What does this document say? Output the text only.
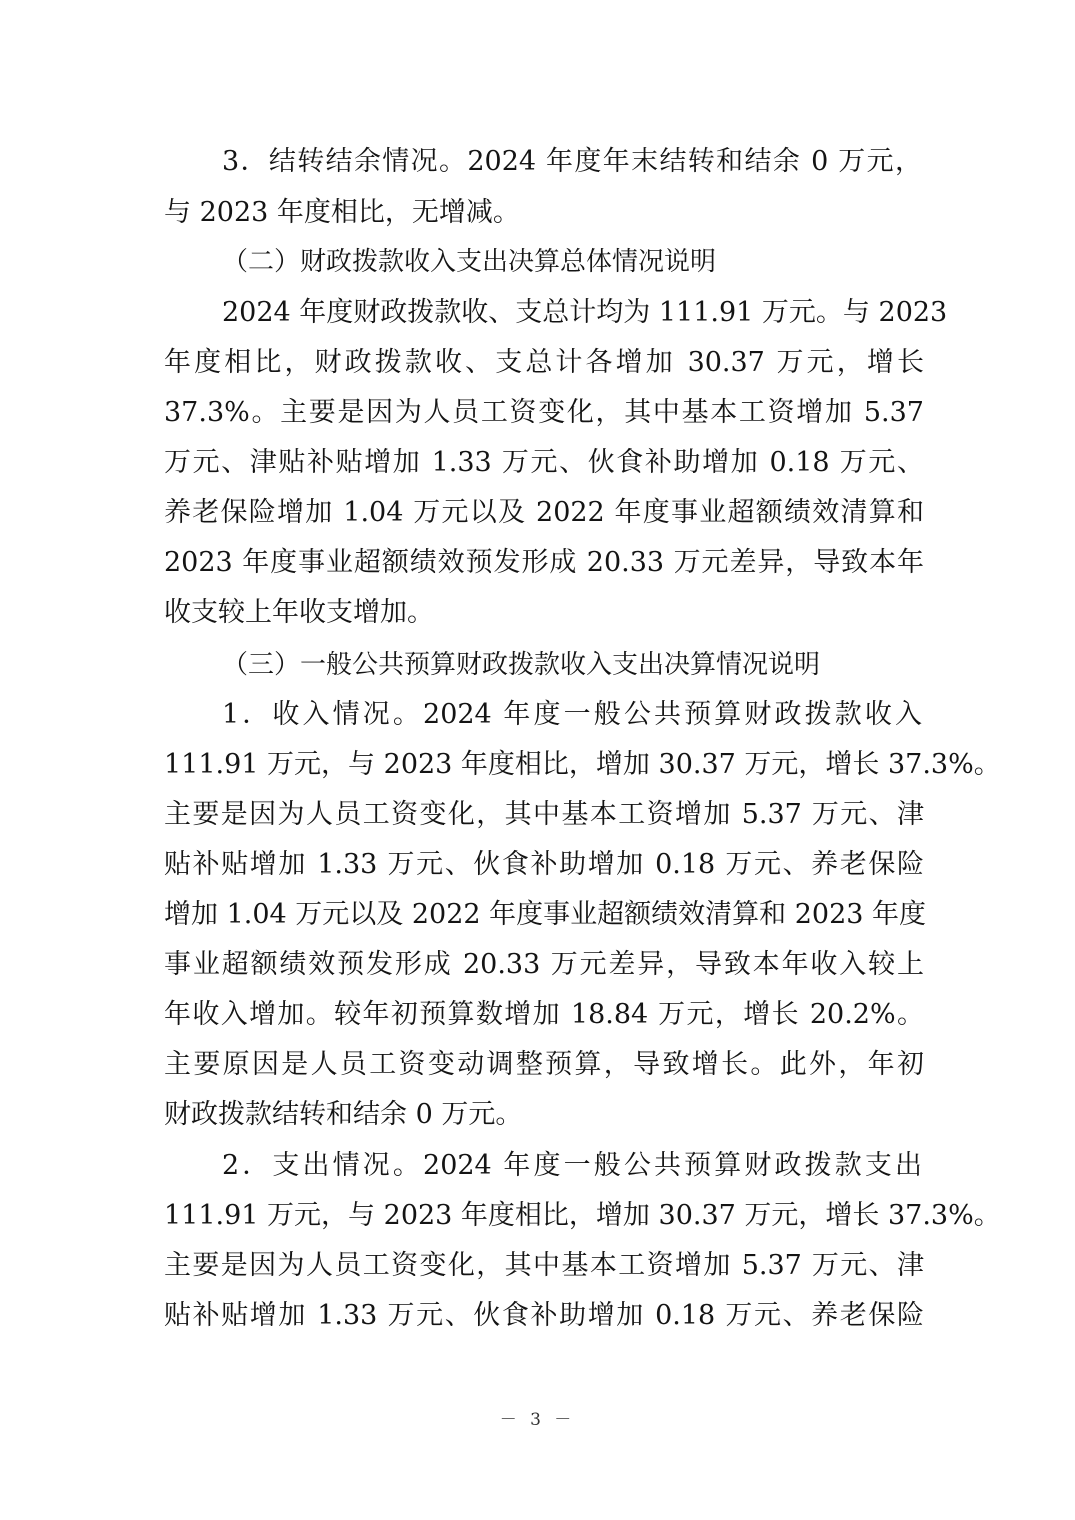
3．结转结余情况。2024 年度年末结转和结余 0 万元，
与 2023 年度相比，无增减。
（二）财政拨款收入支出决算总体情况说明
2024 年度财政拨款收、支总计均为 111.91 万元。与 2023
年度相比，财政拨款收、支总计各增加 30.37 万元，增长
37.3%。主要是因为人员工资变化，其中基本工资增加 5.37
万元、津贴补贴增加 1.33 万元、伙食补助增加 0.18 万元、
养老保险增加 1.04 万元以及 2022 年度事业超额绩效清算和
2023 年度事业超额绩效预发形成 20.33 万元差异，导致本年
收支较上年收支增加。
（三）一般公共预算财政拨款收入支出决算情况说明
1．收入情况。2024 年度一般公共预算财政拨款收入
111.91 万元，与 2023 年度相比，增加 30.37 万元，增长 37.3%。
主要是因为人员工资变化，其中基本工资增加 5.37 万元、津
贴补贴增加 1.33 万元、伙食补助增加 0.18 万元、养老保险
增加 1.04 万元以及 2022 年度事业超额绩效清算和 2023 年度
事业超额绩效预发形成 20.33 万元差异，导致本年收入较上
年收入增加。较年初预算数增加 18.84 万元，增长 20.2%。
主要原因是人员工资变动调整预算，导致增长。此外，年初
财政拨款结转和结余 0 万元。
2．支出情况。2024 年度一般公共预算财政拨款支出
111.91 万元，与 2023 年度相比，增加 30.37 万元，增长 37.3%。
主要是因为人员工资变化，其中基本工资增加 5.37 万元、津
贴补贴增加 1.33 万元、伙食补助增加 0.18 万元、养老保险
－ 3 －
